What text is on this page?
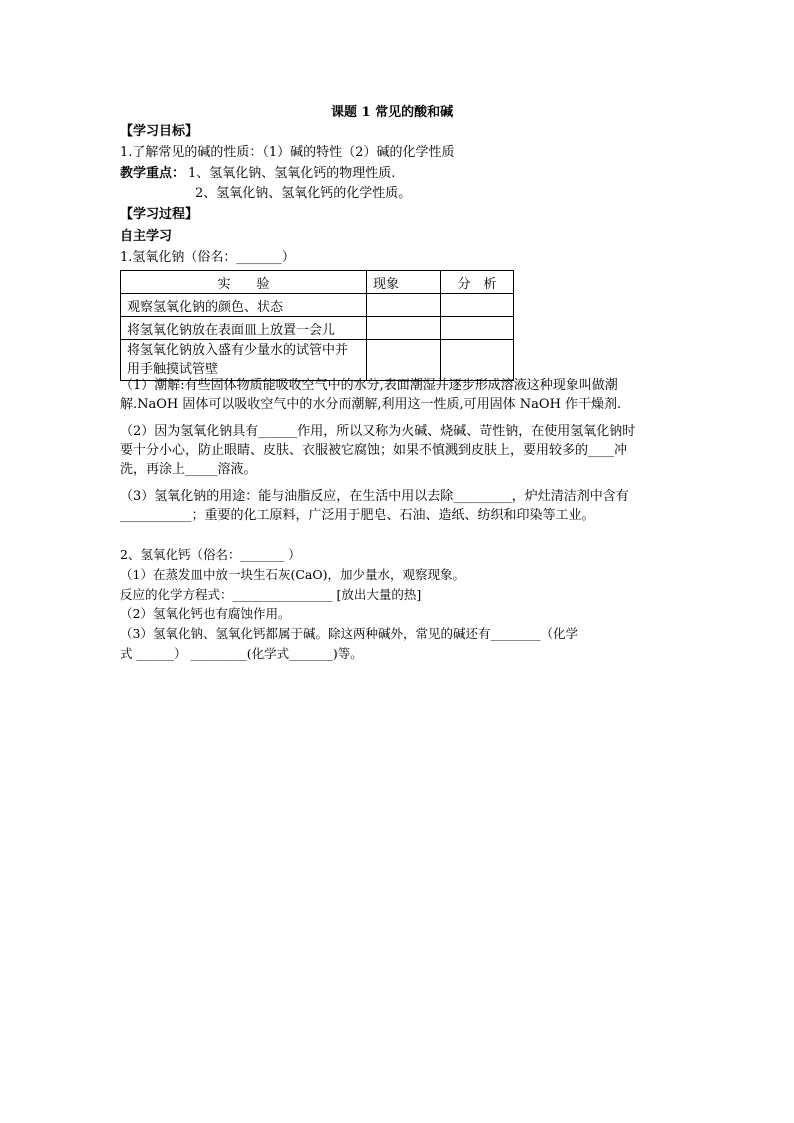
课题 1 常见的酸和碱
【学习目标】
1.了解常见的碱的性质：（1）碱的特性（2）碱的化学性质
教学重点： 1、氢氧化钠、氢氧化钙的物理性质.
2、氢氧化钠、氢氧化钙的化学性质。
【学习过程】
自主学习
1.氢氧化钠（俗名：_______）
实　　验	现象	分　析
观察氢氧化钠的颜色、状态		
将氢氧化钠放在表面皿上放置一会儿		
将氢氧化钠放入盛有少量水的试管中并用手触摸试管壁		
（1）潮解:有些固体物质能吸收空气中的水分,表面潮湿并逐步形成溶液这种现象叫做潮解.NaOH 固体可以吸收空气中的水分而潮解,利用这一性质,可用固体 NaOH 作干燥剂.
（2）因为氢氧化钠具有______作用，所以又称为火碱、烧碱、苛性钠，在使用氢氧化钠时要十分小心，防止眼睛、皮肤、衣服被它腐蚀；如果不慎溅到皮肤上，要用较多的____冲洗，再涂上_____溶液。
（3）氢氧化钠的用途：能与油脂反应，在生活中用以去除_________，炉灶清洁剂中含有___________；重要的化工原料，广泛用于肥皂、石油、造纸、纺织和印染等工业。
2、氢氧化钙（俗名：_______ ）
（1）在蒸发皿中放一块生石灰(CaO)，加少量水，观察现象。
反应的化学方程式：________________ [放出大量的热]
（2）氢氧化钙也有腐蚀作用。
（3）氢氧化钠、氢氧化钙都属于碱。除这两种碱外，常见的碱还有________（化学
式 ______） _________(化学式_______)等。
